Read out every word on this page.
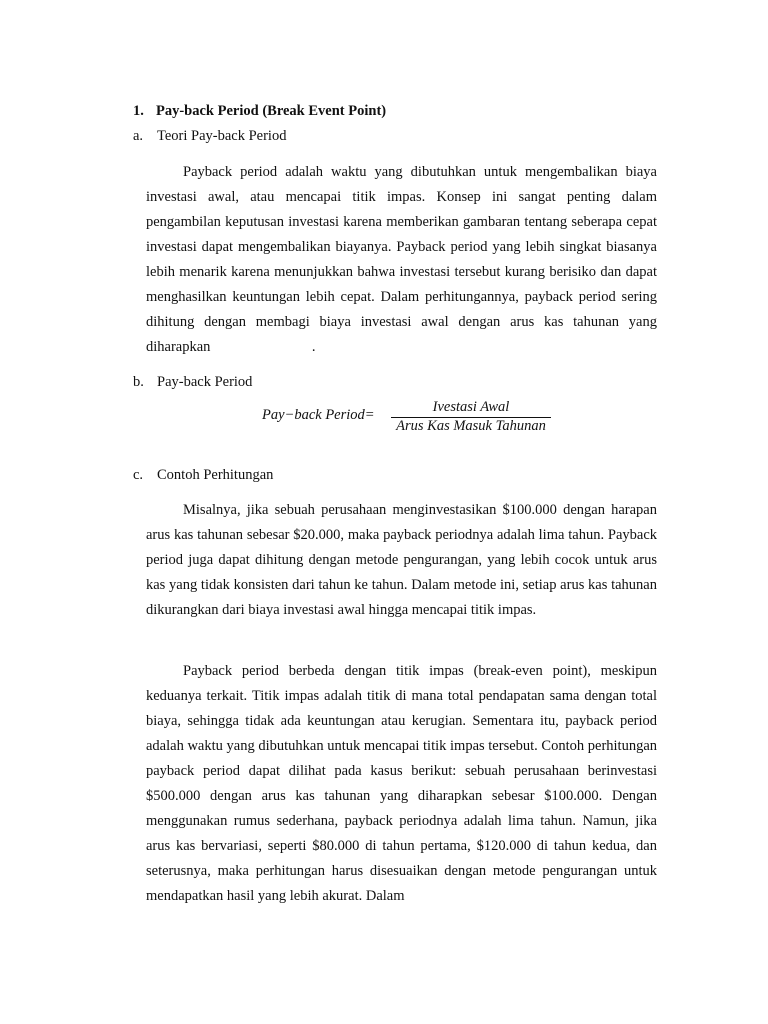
1. Pay-back Period (Break Event Point)
a. Teori Pay-back Period

Payback period adalah waktu yang dibutuhkan untuk mengembalikan biaya investasi awal, atau mencapai titik impas. Konsep ini sangat penting dalam pengambilan keputusan investasi karena memberikan gambaran tentang seberapa cepat investasi dapat mengembalikan biayanya. Payback period yang lebih singkat biasanya lebih menarik karena menunjukkan bahwa investasi tersebut kurang berisiko dan dapat menghasilkan keuntungan lebih cepat. Dalam perhitungannya, payback period sering dihitung dengan membagi biaya investasi awal dengan arus kas tahunan yang diharapkan                            .

b. Pay-back Period
Pay−back Period=	Ivestasi Awal
Arus Kas Masuk Tahunan
c. Contoh Perhitungan

Misalnya, jika sebuah perusahaan menginvestasikan $100.000 dengan harapan arus kas tahunan sebesar $20.000, maka payback periodnya adalah lima tahun. Payback period juga dapat dihitung dengan metode pengurangan, yang lebih cocok untuk arus kas yang tidak konsisten dari tahun ke tahun. Dalam metode ini, setiap arus kas tahunan dikurangkan dari biaya investasi awal hingga mencapai titik impas.

Payback period berbeda dengan titik impas (break-even point), meskipun keduanya terkait. Titik impas adalah titik di mana total pendapatan sama dengan total biaya, sehingga tidak ada keuntungan atau kerugian. Sementara itu, payback period adalah waktu yang dibutuhkan untuk mencapai titik impas tersebut. Contoh perhitungan payback period dapat dilihat pada kasus berikut: sebuah perusahaan berinvestasi $500.000 dengan arus kas tahunan yang diharapkan sebesar $100.000. Dengan menggunakan rumus sederhana, payback periodnya adalah lima tahun. Namun, jika arus kas bervariasi, seperti $80.000 di tahun pertama, $120.000 di tahun kedua, dan seterusnya, maka perhitungan harus disesuaikan dengan metode pengurangan untuk mendapatkan hasil yang lebih akurat. Dalam
